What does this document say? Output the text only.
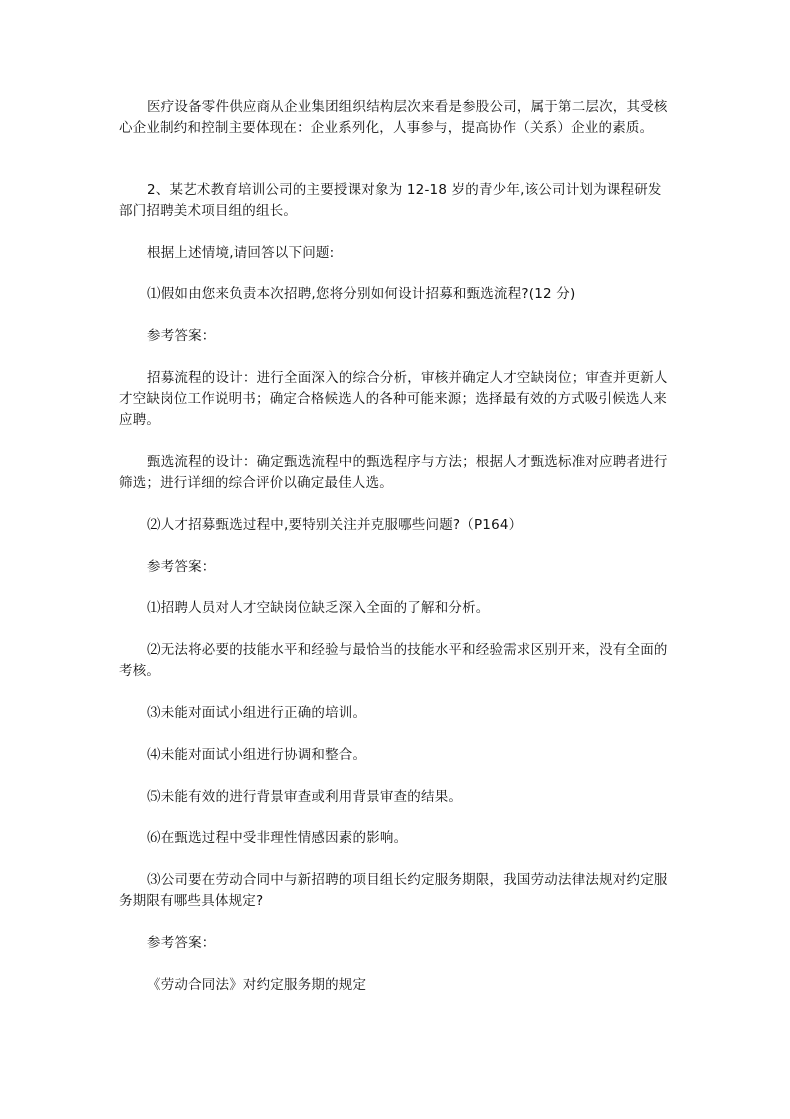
医疗设备零件供应商从企业集团组织结构层次来看是参股公司，属于第二层次，其受核心企业制约和控制主要体现在：企业系列化，人事参与，提高协作（关系）企业的素质。

2、某艺术教育培训公司的主要授课对象为 12-18 岁的青少年,该公司计划为课程研发部门招聘美术项目组的组长。

根据上述情境,请回答以下问题:

⑴假如由您来负责本次招聘,您将分别如何设计招募和甄选流程?(12 分)

参考答案：

招募流程的设计：进行全面深入的综合分析，审核并确定人才空缺岗位；审查并更新人才空缺岗位工作说明书；确定合格候选人的各种可能来源；选择最有效的方式吸引候选人来应聘。

甄选流程的设计：确定甄选流程中的甄选程序与方法；根据人才甄选标准对应聘者进行筛选；进行详细的综合评价以确定最佳人选。

⑵人才招募甄选过程中,要特别关注并克服哪些问题?（P164）

参考答案：

⑴招聘人员对人才空缺岗位缺乏深入全面的了解和分析。

⑵无法将必要的技能水平和经验与最恰当的技能水平和经验需求区别开来，没有全面的考核。

⑶未能对面试小组进行正确的培训。

⑷未能对面试小组进行协调和整合。

⑸未能有效的进行背景审查或利用背景审查的结果。

⑹在甄选过程中受非理性情感因素的影响。

⑶公司要在劳动合同中与新招聘的项目组长约定服务期限，我国劳动法律法规对约定服务期限有哪些具体规定?

参考答案：

《劳动合同法》对约定服务期的规定
